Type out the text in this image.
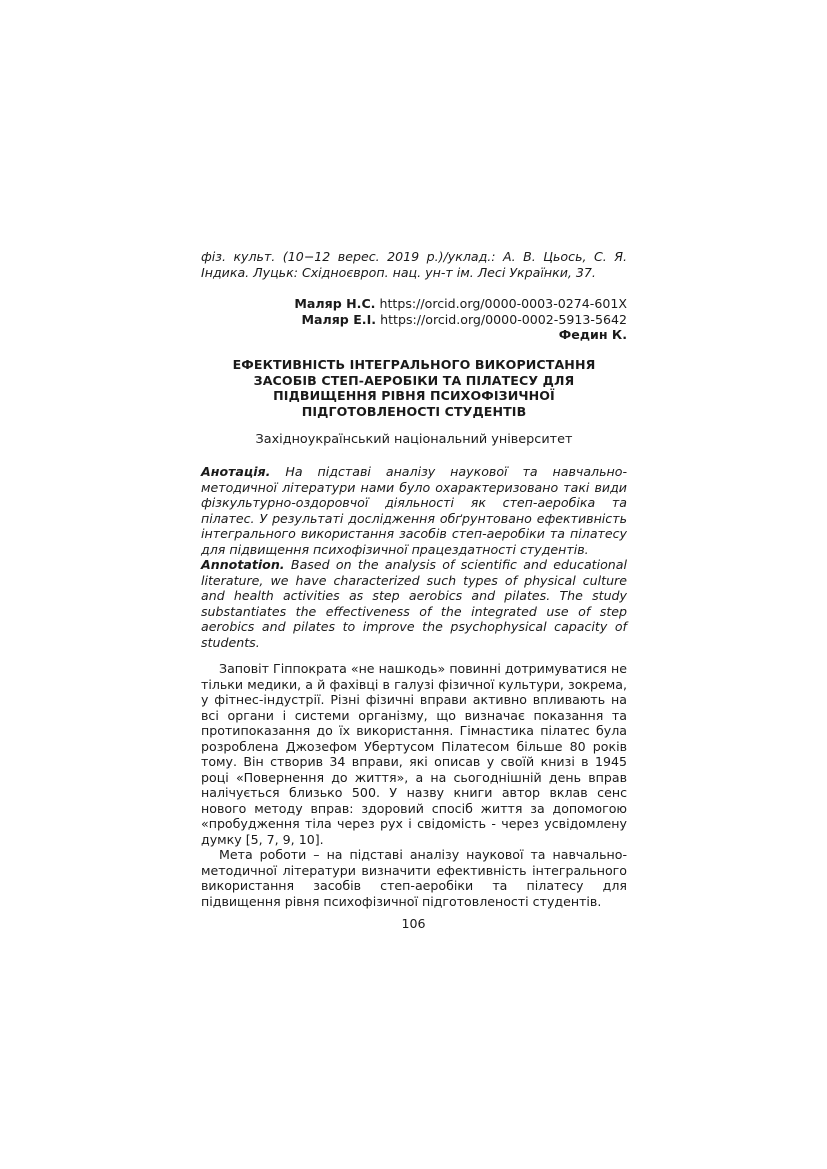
фіз. культ. (10−12 верес. 2019 р.)/уклад.: А. В. Цьось, С. Я. Індика. Луцьк: Східноєвроп. нац. ун-т ім. Лесі Українки, 37.

Маляр Н.С. https://orcid.org/0000-0003-0274-601X
Маляр Е.І. https://orcid.org/0000-0002-5913-5642
Федин К.
ЕФЕКТИВНІСТЬ ІНТЕГРАЛЬНОГО ВИКОРИСТАННЯ
ЗАСОБІВ СТЕП-АЕРОБІКИ ТА ПІЛАТЕСУ ДЛЯ
ПІДВИЩЕННЯ РІВНЯ ПСИХОФІЗИЧНОЇ
ПІДГОТОВЛЕНОСТІ СТУДЕНТІВ
Західноукраїнський національний університет

Анотація. На підставі аналізу наукової та навчально-методичної літератури нами було охарактеризовано такі види фізкультурно-оздоровчої діяльності як степ-аеробіка та пілатес. У результаті дослідження обґрунтовано ефективність інтегрального використання засобів степ-аеробіки та пілатесу для підвищення психофізичної працездатності студентів.

Annotation. Based on the analysis of scientific and educational literature, we have characterized such types of physical culture and health activities as step aerobics and pilates. The study substantiates the effectiveness of the integrated use of step aerobics and pilates to improve the psychophysical capacity of students.

Заповіт Гіппократа «не нашкодь» повинні дотримуватися не тільки медики, а й фахівці в галузі фізичної культури, зокрема, у фітнес-індустрії. Різні фізичні вправи активно впливають на всі органи і системи організму, що визначає показання та протипоказання до їх використання. Гімнастика пілатес була розроблена Джозефом Убертусом Пілатесом більше 80 років тому. Він створив 34 вправи, які описав у своїй книзі в 1945 році «Повернення до життя», а на сьогоднішній день вправ налічується близько 500. У назву книги автор вклав сенс нового методу вправ: здоровий спосіб життя за допомогою «пробудження тіла через рух і свідомість - через усвідомлену думку [5, 7, 9, 10].

Мета роботи – на підставі аналізу наукової та навчально-методичної літератури визначити ефективність інтегрального використання засобів степ-аеробіки та пілатесу для підвищення рівня психофізичної підготовленості студентів.

106
